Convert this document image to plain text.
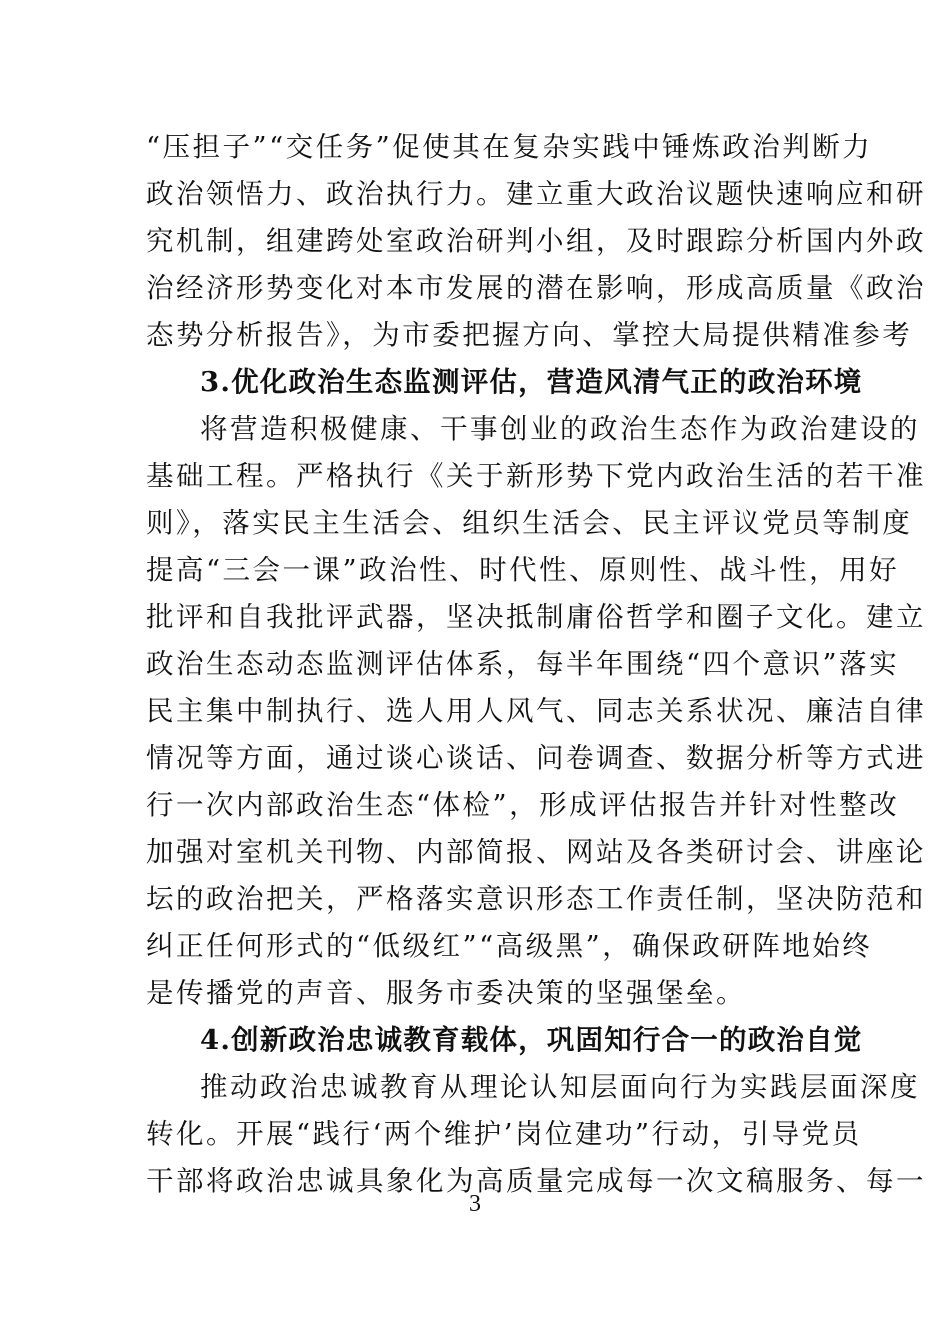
“压担子”“交任务”促使其在复杂实践中锤炼政治判断力
政治领悟力、政治执行力。建立重大政治议题快速响应和研
究机制，组建跨处室政治研判小组，及时跟踪分析国内外政
治经济形势变化对本市发展的潜在影响，形成高质量《政治
态势分析报告》，为市委把握方向、掌控大局提供精准参考
3.优化政治生态监测评估，营造风清气正的政治环境
将营造积极健康、干事创业的政治生态作为政治建设的
基础工程。严格执行《关于新形势下党内政治生活的若干准
则》，落实民主生活会、组织生活会、民主评议党员等制度
提高“三会一课”政治性、时代性、原则性、战斗性，用好
批评和自我批评武器，坚决抵制庸俗哲学和圈子文化。建立
政治生态动态监测评估体系，每半年围绕“四个意识”落实
民主集中制执行、选人用人风气、同志关系状况、廉洁自律
情况等方面，通过谈心谈话、问卷调查、数据分析等方式进
行一次内部政治生态“体检”，形成评估报告并针对性整改
加强对室机关刊物、内部简报、网站及各类研讨会、讲座论
坛的政治把关，严格落实意识形态工作责任制，坚决防范和
纠正任何形式的“低级红”“高级黑”，确保政研阵地始终
是传播党的声音、服务市委决策的坚强堡垒。
4.创新政治忠诚教育载体，巩固知行合一的政治自觉
推动政治忠诚教育从理论认知层面向行为实践层面深度
转化。开展“践行‘两个维护’岗位建功”行动，引导党员
干部将政治忠诚具象化为高质量完成每一次文稿服务、每一
3
